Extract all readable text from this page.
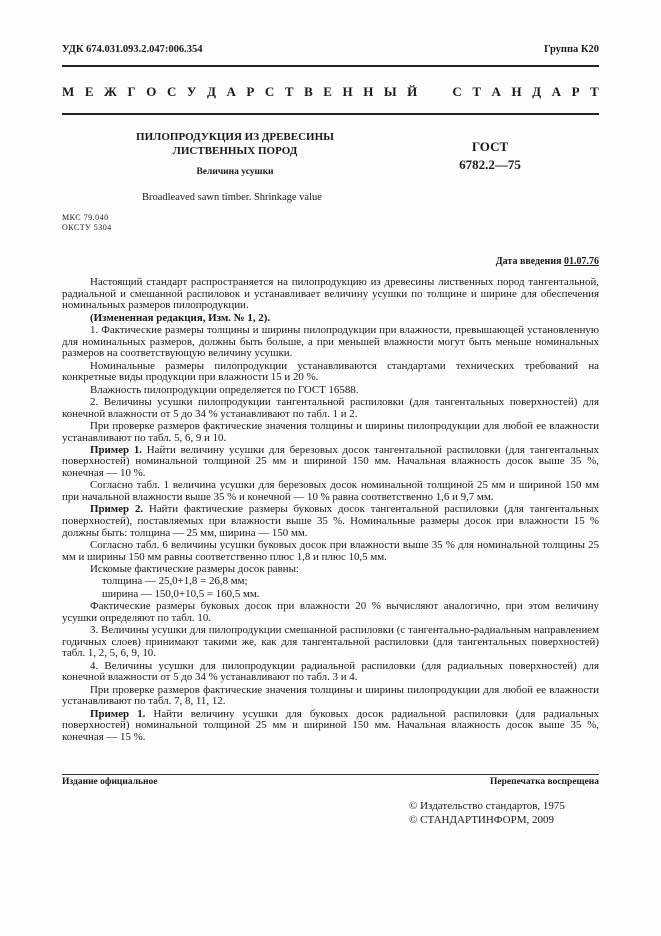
УДК 674.031.093.2.047:006.354	Группа К20
М Е Ж Г О С У Д А Р С Т В Е Н Н Ы Й	С Т А Н Д А Р Т
ПИЛОПРОДУКЦИЯ ИЗ ДРЕВЕСИНЫ
ЛИСТВЕННЫХ ПОРОД
Величина усушки
ГОСТ
6782.2—75
Broadleaved sawn timber. Shrinkage value
МКС 79.040
ОКСТУ 5304
Дата введения 01.07.76

Настоящий стандарт распространяется на пилопродукцию из древесины лиственных пород тангентальной, радиальной и смешанной распиловок и устанавливает величину усушки по толщине и ширине для обеспечения номинальных размеров пилопродукции.

(Измененная редакция, Изм. № 1, 2).

1. Фактические размеры толщины и ширины пилопродукции при влажности, превышающей установленную для номинальных размеров, должны быть больше, а при меньшей влажности могут быть меньше номинальных размеров на соответствующую величину усушки.

Номинальные размеры пилопродукции устанавливаются стандартами технических требований на конкретные виды продукции при влажности 15 и 20 %.

Влажность пилопродукции определяется по ГОСТ 16588.

2. Величины усушки пилопродукции тангентальной распиловки (для тангентальных поверхностей) для конечной влажности от 5 до 34 % устанавливают по табл. 1 и 2.

При проверке размеров фактические значения толщины и ширины пилопродукции для любой ее влажности устанавливают по табл. 5, 6, 9 и 10.

Пример 1. Найти величину усушки для березовых досок тангентальной распиловки (для тангентальных поверхностей) номинальной толщиной 25 мм и шириной 150 мм. Начальная влажность досок выше 35 %, конечная — 10 %.

Согласно табл. 1 величина усушки для березовых досок номинальной толщиной 25 мм и шириной 150 мм при начальной влажности выше 35 % и конечной — 10 % равна соответственно 1,6 и 9,7 мм.

Пример 2. Найти фактические размеры буковых досок тангентальной распиловки (для тангентальных поверхностей), поставляемых при влажности выше 35 %. Номинальные размеры досок при влажности 15 % должны быть: толщина — 25 мм, ширина — 150 мм.

Согласно табл. 6 величины усушки буковых досок при влажности выше 35 % для номинальной толщины 25 мм и ширины 150 мм равны соответственно плюс 1,8 и плюс 10,5 мм.

Искомые фактические размеры досок равны:

толщина — 25,0+1,8 = 26,8 мм;

ширина — 150,0+10,5 = 160,5 мм.

Фактические размеры буковых досок при влажности 20 % вычисляют аналогично, при этом величину усушки определяют по табл. 10.

3. Величины усушки для пилопродукции смешанной распиловки (с тангентально-радиальным направлением годичных слоев) принимают такими же, как для тангентальной распиловки (для тангентальных поверхностей) табл. 1, 2, 5, 6, 9, 10.

4. Величины усушки для пилопродукции радиальной распиловки (для радиальных поверхностей) для конечной влажности от 5 до 34 % устанавливают по табл. 3 и 4.

При проверке размеров фактические значения толщины и ширины пилопродукции для любой ее влажности устанавливают по табл. 7, 8, 11, 12.

Пример 1. Найти величину усушки для буковых досок радиальной распиловки (для радиальных поверхностей) номинальной толщиной 25 мм и шириной 150 мм. Начальная влажность досок выше 35 %, конечная — 15 %.

Издание официальное	Перепечатка воспрещена
© Издательство стандартов, 1975
© СТАНДАРТИНФОРМ, 2009
